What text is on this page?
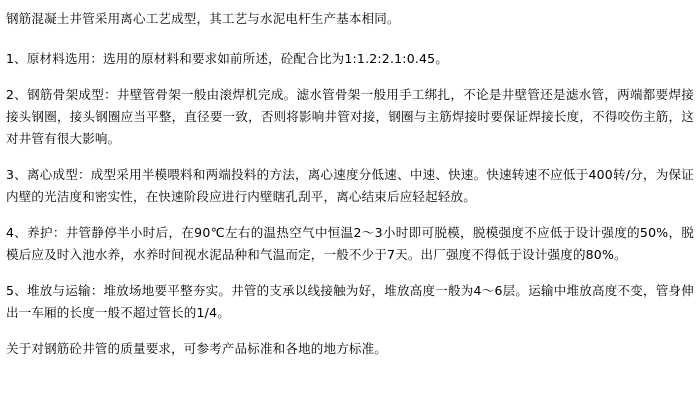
钢筋混凝土井管采用离心工艺成型，其工艺与水泥电杆生产基本相同。

1、原材料选用：选用的原材料和要求如前所述，砼配合比为1:1.2:2.1:0.45。

2、钢筋骨架成型：井壁管骨架一般由滚焊机完成。滤水管骨架一般用手工绑扎，不论是井壁管还是滤水管，两端都要焊接接头钢圈，接头钢圈应当平整，直径要一致，否则将影响井管对接，钢圈与主筋焊接时要保证焊接长度，不得咬伤主筋，这对井管有很大影响。

3、离心成型：成型采用半模喂料和两端投料的方法，离心速度分低速、中速、快速。快速转速不应低于400转/分，为保证内壁的光洁度和密实性，在快速阶段应进行内壁瞎孔刮平，离心结束后应轻起轻放。

4、养护：井管静停半小时后，在90℃左右的温热空气中恒温2～3小时即可脱模，脱模强度不应低于设计强度的50%，脱模后应及时入池水养，水养时间视水泥品种和气温而定，一般不少于7天。出厂强度不得低于设计强度的80%。

5、堆放与运输：堆放场地要平整夯实。井管的支承以线接触为好，堆放高度一般为4～6层。运输中堆放高度不变，管身伸出一车厢的长度一般不超过管长的1/4。

关于对钢筋砼井管的质量要求，可参考产品标准和各地的地方标准。
